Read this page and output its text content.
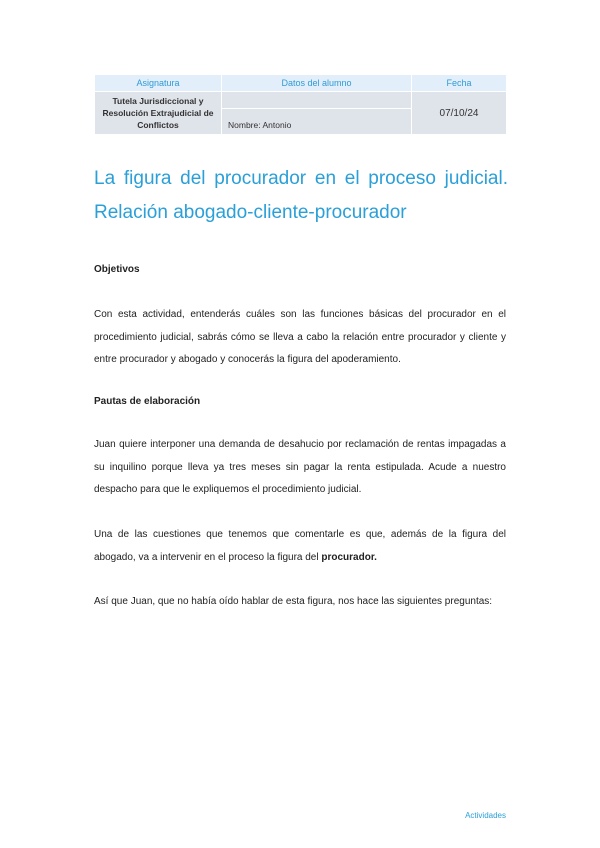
Asignatura	Datos del alumno	Fecha
Tutela Jurisdiccional y Resolución Extrajudicial de Conflictos		07/10/24
	Nombre: Antonio	
La figura del procurador en el proceso judicial.
Relación abogado-cliente-procurador
Objetivos

Con esta actividad, entenderás cuáles son las funciones básicas del procurador en el procedimiento judicial, sabrás cómo se lleva a cabo la relación entre procurador y cliente y entre procurador y abogado y conocerás la figura del apoderamiento.

Pautas de elaboración

Juan quiere interponer una demanda de desahucio por reclamación de rentas impagadas a su inquilino porque lleva ya tres meses sin pagar la renta estipulada. Acude a nuestro despacho para que le expliquemos el procedimiento judicial.

Una de las cuestiones que tenemos que comentarle es que, además de la figura del abogado, va a intervenir en el proceso la figura del procurador.

Así que Juan, que no había oído hablar de esta figura, nos hace las siguientes preguntas:

Actividades
